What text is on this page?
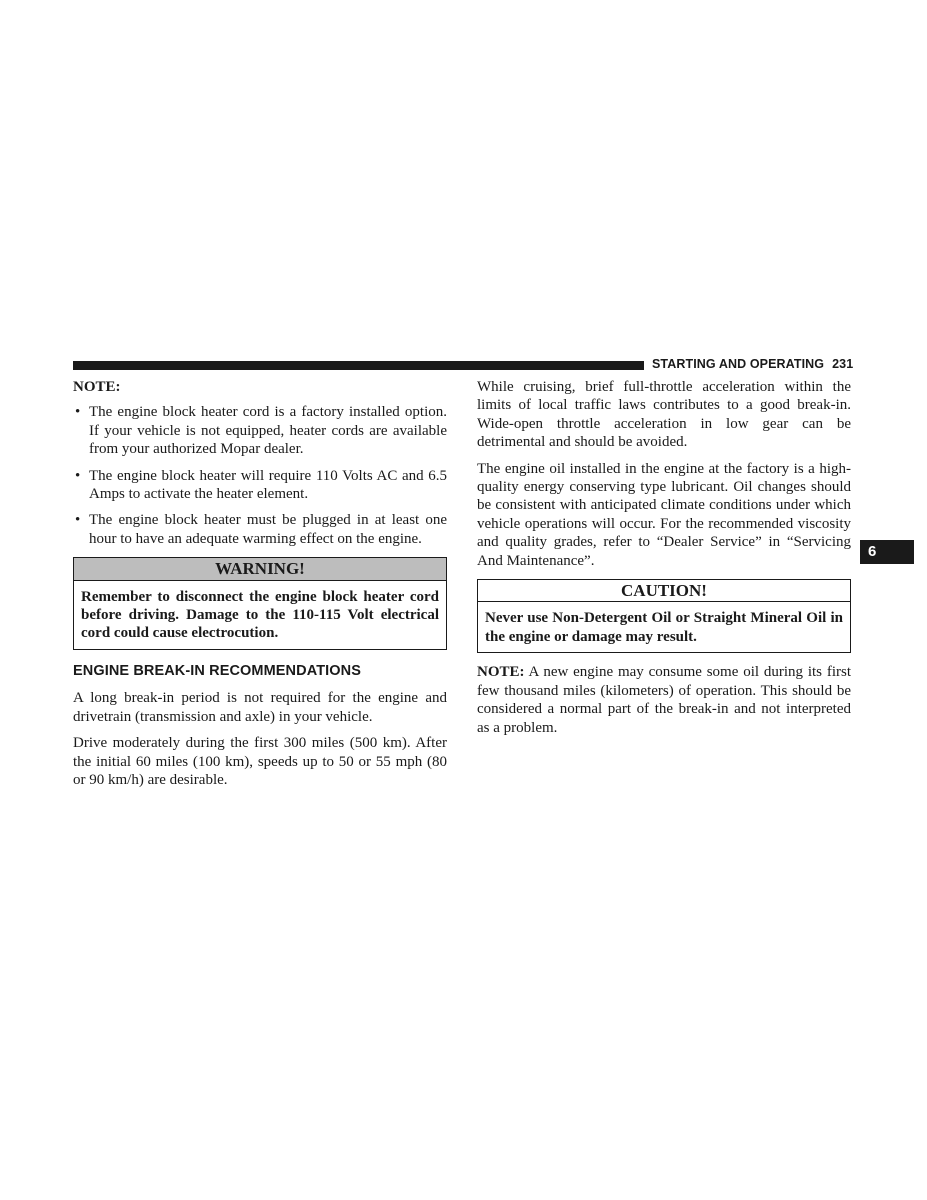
STARTING AND OPERATING 231
6

NOTE:

• The engine block heater cord is a factory installed option. If your vehicle is not equipped, heater cords are available from your authorized Mopar dealer.
• The engine block heater will require 110 Volts AC and 6.5 Amps to activate the heater element.
• The engine block heater must be plugged in at least one hour to have an adequate warming effect on the engine.
WARNING!
Remember to disconnect the engine block heater cord before driving. Damage to the 110-115 Volt electrical cord could cause electrocution.
ENGINE BREAK-IN RECOMMENDATIONS

A long break-in period is not required for the engine and drivetrain (transmission and axle) in your vehicle.

Drive moderately during the first 300 miles (500 km). After the initial 60 miles (100 km), speeds up to 50 or 55 mph (80 or 90 km/h) are desirable.

While cruising, brief full-throttle acceleration within the limits of local traffic laws contributes to a good break-in. Wide-open throttle acceleration in low gear can be detrimental and should be avoided.

The engine oil installed in the engine at the factory is a high-quality energy conserving type lubricant. Oil changes should be consistent with anticipated climate conditions under which vehicle operations will occur. For the recommended viscosity and quality grades, refer to “Dealer Service” in “Servicing And Maintenance”.

CAUTION!
Never use Non-Detergent Oil or Straight Mineral Oil in the engine or damage may result.

NOTE: A new engine may consume some oil during its first few thousand miles (kilometers) of operation. This should be considered a normal part of the break-in and not interpreted as a problem.
